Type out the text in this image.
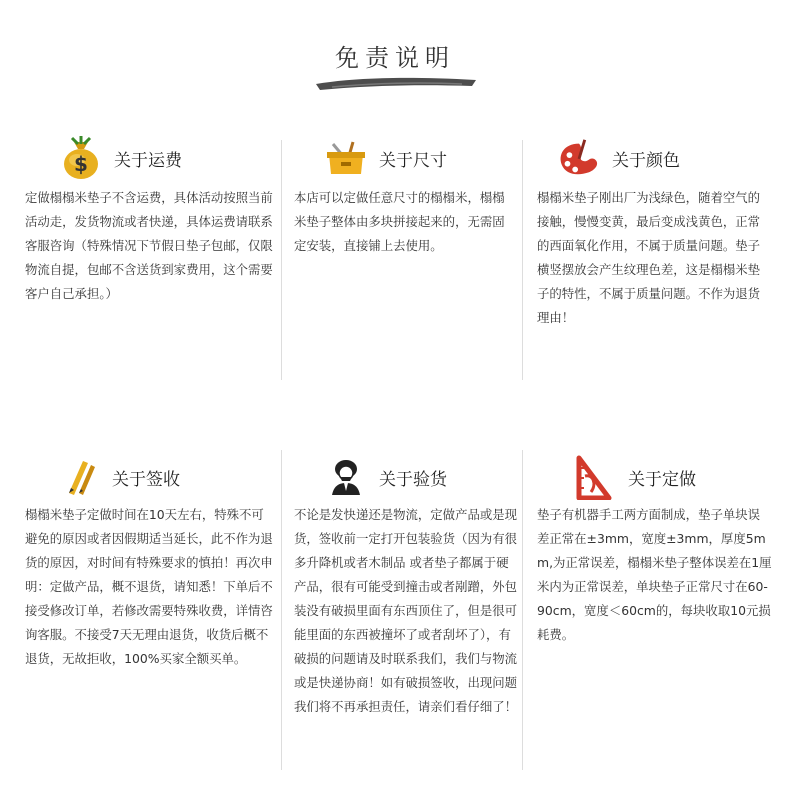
免责说明
$ 关于运费
定做榻榻米垫子不含运费，具体活动按照当前活动走，发货物流或者快递，具体运费请联系客服咨询（特殊情况下节假日垫子包邮，仅限物流自提，包邮不含送货到家费用，这个需要客户自己承担。）
关于尺寸
本店可以定做任意尺寸的榻榻米，榻榻米垫子整体由多块拼接起来的，无需固定安装，直接铺上去使用。
关于颜色
榻榻米垫子刚出厂为浅绿色，随着空气的接触，慢慢变黄，最后变成浅黄色，正常的西面氧化作用，不属于质量问题。垫子横竖摆放会产生纹理色差，这是榻榻米垫子的特性，不属于质量问题。不作为退货理由！
关于签收
榻榻米垫子定做时间在10天左右，特殊不可避免的原因或者因假期适当延长，此不作为退货的原因，对时间有特殊要求的慎拍！再次申明：定做产品，概不退货，请知悉！下单后不接受修改订单，若修改需要特殊收费，详情咨询客服。不接受7天无理由退货，收货后概不退货，无故拒收，100%买家全额买单。
关于验货
不论是发快递还是物流，定做产品或是现货，签收前一定打开包装验货（因为有很多升降机或者木制品 或者垫子都属于硬产品，很有可能受到撞击或者剐蹭，外包装没有破损里面有东西顶住了，但是很可能里面的东西被撞坏了或者刮坏了），有破损的问题请及时联系我们，我们与物流或是快递协商！如有破损签收，出现问题我们将不再承担责任，请亲们看仔细了！
关于定做
垫子有机器手工两方面制成，垫子单块误差正常在±3mm，宽度±3mm，厚度5mm,为正常误差，榻榻米垫子整体误差在1厘米内为正常误差，单块垫子正常尺寸在60-90cm，宽度＜60cm的，每块收取10元损耗费。
